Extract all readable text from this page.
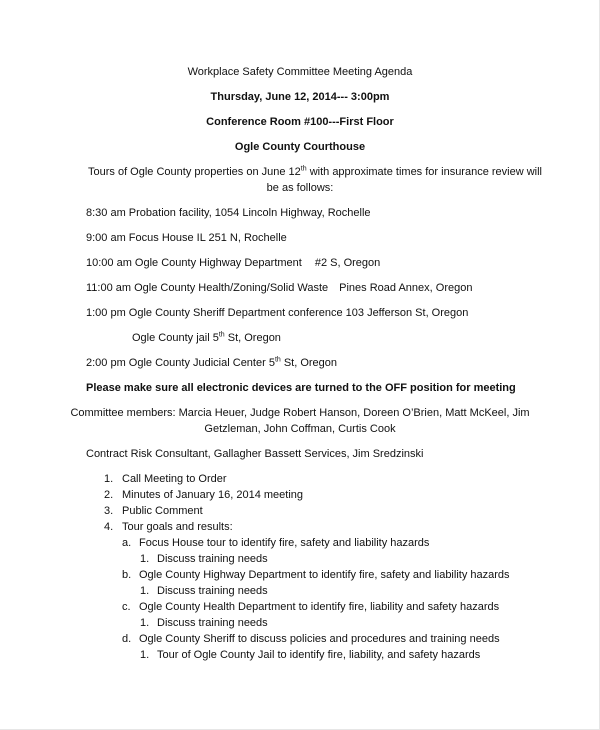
Workplace Safety Committee Meeting Agenda
Thursday, June 12, 2014--- 3:00pm
Conference Room #100---First Floor
Ogle County Courthouse
Tours of Ogle County properties on June 12th with approximate times for insurance review will
be as follows:
8:30 am Probation facility, 1054 Lincoln Highway, Rochelle
9:00 am Focus House IL 251 N, Rochelle
10:00 am Ogle County Highway Department #2 S, Oregon
11:00 am Ogle County Health/Zoning/Solid Waste Pines Road Annex, Oregon
1:00 pm Ogle County Sheriff Department conference 103 Jefferson St, Oregon
Ogle County jail 5th St, Oregon
2:00 pm Ogle County Judicial Center 5th St, Oregon
Please make sure all electronic devices are turned to the OFF position for meeting
Committee members: Marcia Heuer, Judge Robert Hanson, Doreen O’Brien, Matt McKeel, Jim
Getzleman, John Coffman, Curtis Cook
Contract Risk Consultant, Gallagher Bassett Services, Jim Sredzinski
1. Call Meeting to Order
2. Minutes of January 16, 2014 meeting
3. Public Comment
4. Tour goals and results:
a. Focus House tour to identify fire, safety and liability hazards
1. Discuss training needs
b. Ogle County Highway Department to identify fire, safety and liability hazards
1. Discuss training needs
c. Ogle County Health Department to identify fire, liability and safety hazards
1. Discuss training needs
d. Ogle County Sheriff to discuss policies and procedures and training needs
1. Tour of Ogle County Jail to identify fire, liability, and safety hazards
